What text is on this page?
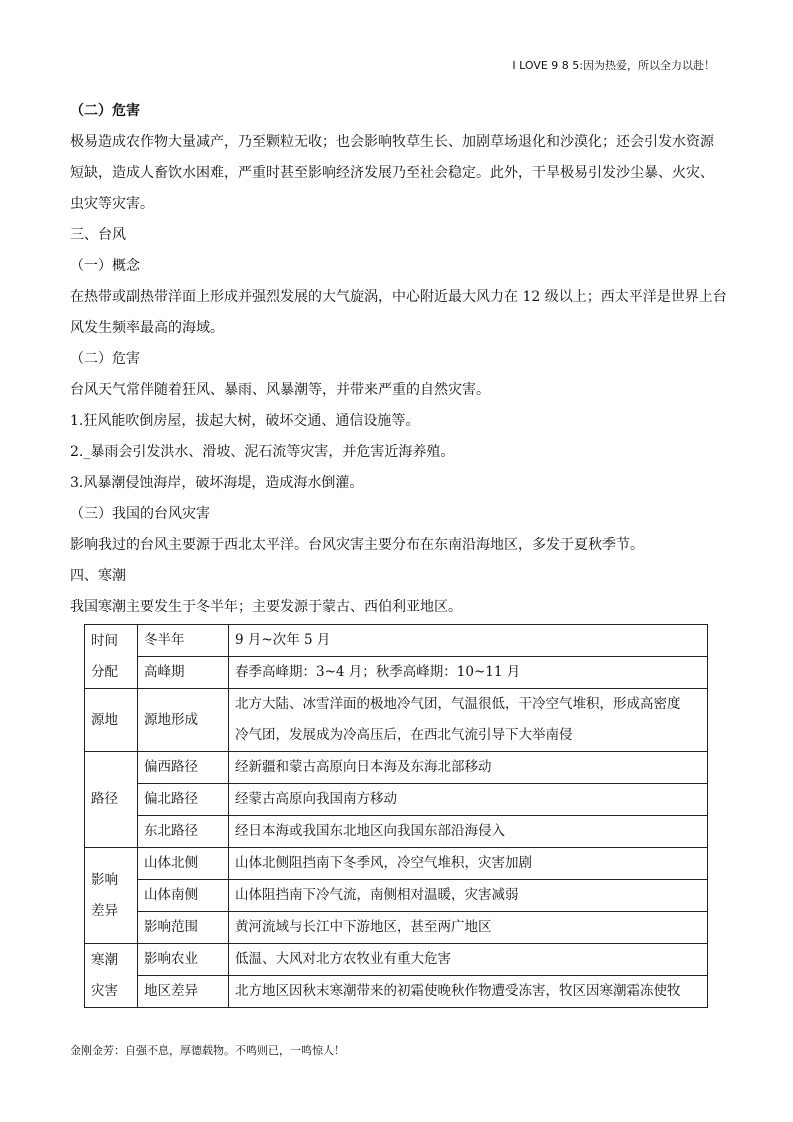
I LOVE 9 8 5:因为热爱，所以全力以赴！

（二）危害

极易造成农作物大量减产，乃至颗粒无收；也会影响牧草生长、加剧草场退化和沙漠化；还会引发水资源

短缺，造成人畜饮水困难，严重时甚至影响经济发展乃至社会稳定。此外，干旱极易引发沙尘暴、火灾、

虫灾等灾害。

三、台风

（一）概念

在热带或副热带洋面上形成并强烈发展的大气旋涡，中心附近最大风力在 12 级以上；西太平洋是世界上台

风发生频率最高的海域。

（二）危害

台风天气常伴随着狂风、暴雨、风暴潮等，并带来严重的自然灾害。

1.狂风能吹倒房屋，拔起大树，破坏交通、通信设施等。

2._暴雨会引发洪水、滑坡、泥石流等灾害，并危害近海养殖。

3.风暴潮侵蚀海岸，破坏海堤，造成海水倒灌。

（三）我国的台风灾害

影响我过的台风主要源于西北太平洋。台风灾害主要分布在东南沿海地区，多发于夏秋季节。

四、寒潮

我国寒潮主要发生于冬半年；主要发源于蒙古、西伯利亚地区。

时间
分配	冬半年	9 月~次年 5 月
	高峰期	春季高峰期：3~4 月；秋季高峰期：10~11 月
源地	源地形成	北方大陆、冰雪洋面的极地冷气团，气温很低，干冷空气堆积，形成高密度
冷气团，发展成为冷高压后，在西北气流引导下大举南侵

路径	偏西路径	经新疆和蒙古高原向日本海及东海北部移动
	偏北路径	经蒙古高原向我国南方移动
	东北路径	经日本海或我国东北地区向我国东部沿海侵入

影响
差异	山体北侧	山体北侧阻挡南下冬季风，冷空气堆积，灾害加剧
	山体南侧	山体阻挡南下冷气流，南侧相对温暖，灾害减弱
	影响范围	黄河流域与长江中下游地区，甚至两广地区

寒潮
灾害	影响农业	低温、大风对北方农牧业有重大危害
	地区差异	北方地区因秋末寒潮带来的初霜使晚秋作物遭受冻害，牧区因寒潮霜冻使牧
金刚金芳：自强不息，厚德载物。不鸣则已，一鸣惊人！
